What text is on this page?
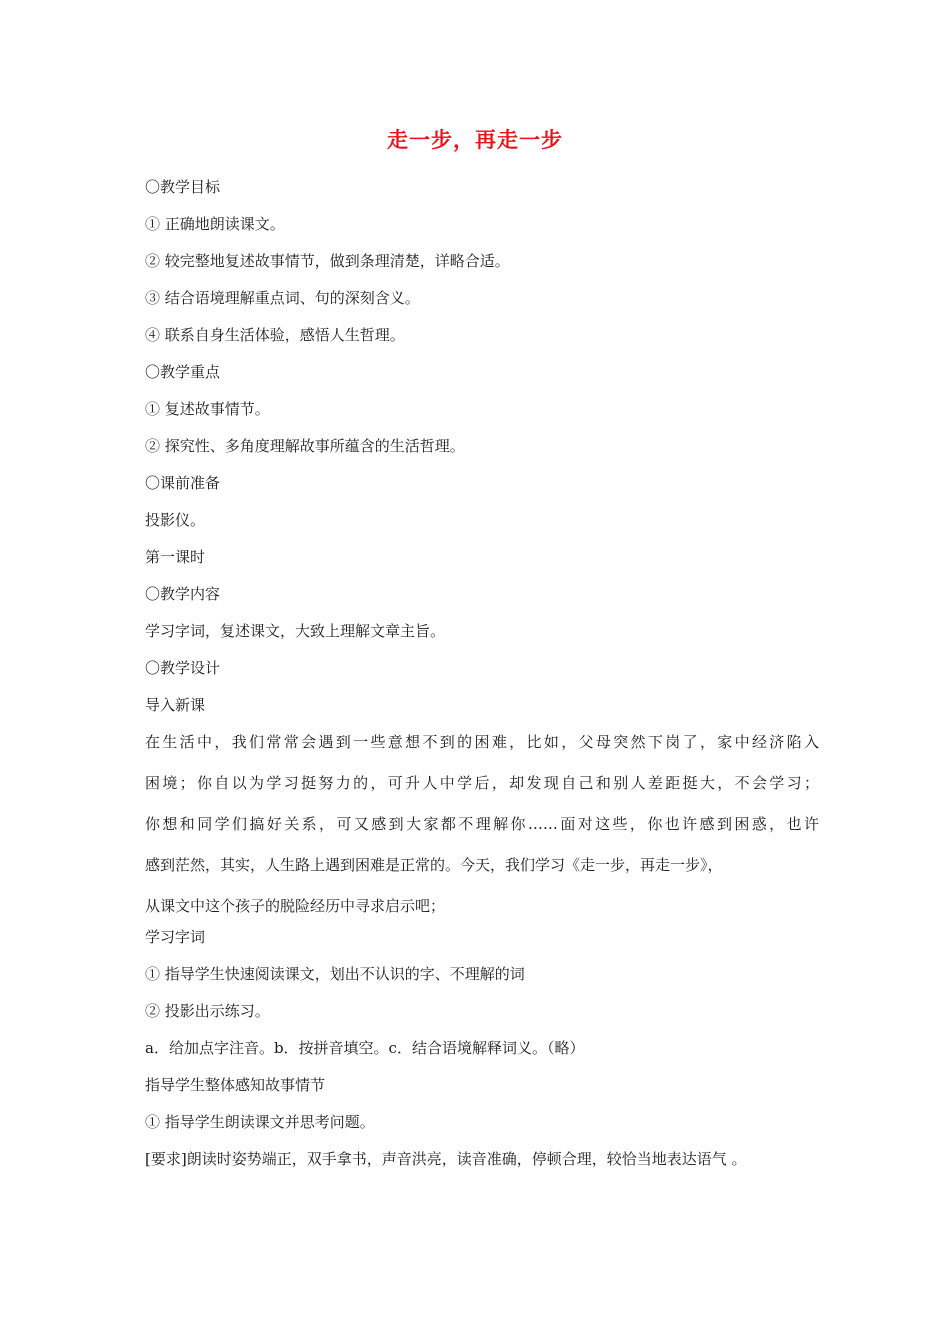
走一步，再走一步
〇教学目标
① 正确地朗读课文。
② 较完整地复述故事情节，做到条理清楚，详略合适。
③ 结合语境理解重点词、句的深刻含义。
④ 联系自身生活体验，感悟人生哲理。
〇教学重点
① 复述故事情节。
② 探究性、多角度理解故事所蕴含的生活哲理。
〇课前准备
投影仪。
第一课时
〇教学内容
学习字词，复述课文，大致上理解文章主旨。
〇教学设计
导入新课
在生活中，我们常常会遇到一些意想不到的困难，比如，父母突然下岗了，家中经济陷入
困境；你自以为学习挺努力的，可升人中学后，却发现自己和别人差距挺大，不会学习；
你想和同学们搞好关系，可又感到大家都不理解你……面对这些，你也许感到困惑，也许
感到茫然，其实，人生路上遇到困难是正常的。今天，我们学习《走一步，再走一步》，
从课文中这个孩子的脱险经历中寻求启示吧；
学习字词
① 指导学生快速阅读课文，划出不认识的字、不理解的词
② 投影出示练习。
a．给加点字注音。b．按拼音填空。c．结合语境解释词义。（略）
指导学生整体感知故事情节
① 指导学生朗读课文并思考问题。
[要求]朗读时姿势端正，双手拿书，声音洪亮，读音准确，停顿合理，较恰当地表达语气 。
